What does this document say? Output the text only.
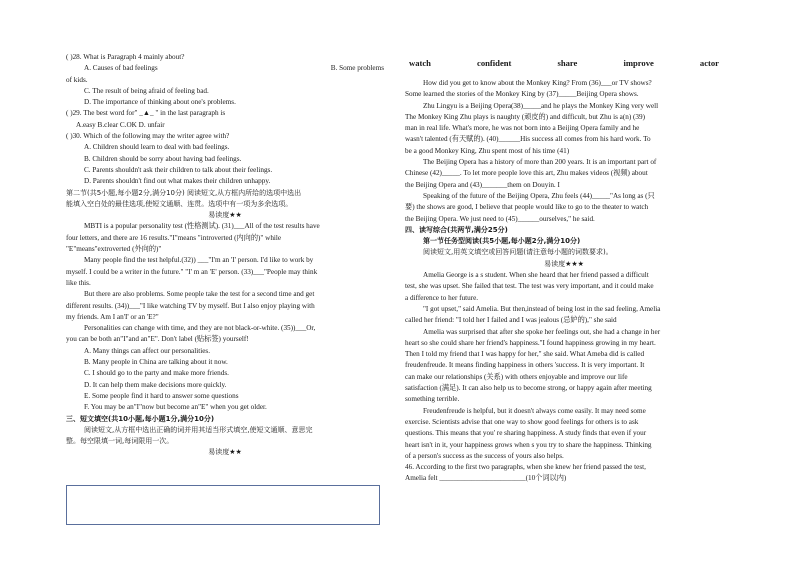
( )28. What is Paragraph 4 mainly about?
B. Some problems
A. Causes of bad feelings
of kids.
C. The result of being afraid of feeling bad.
D. The importance of thinking about one's problems.
( )29. The best word for" _▲_ " in the last paragraph is
A.easy B.clear C.OK D. unfair
( )30. Which of the following may the writer agree with?
A. Children should learn to deal with bad feelings.
B. Children should be sorry about having bad feelings.
C. Parents shouldn't ask their children to talk about their feelings.
D. Parents shouldn't find out what makes their children unhappy.
第二节(共5小题,每小题2分,满分10分) 阅读短文,从方框内所给的选项中选出
能填入空白处的最佳选项,使短文通顺、连贯。选项中有一项为多余选项。
易读度★★
MBTI is a popular personality test (性格测试). (31)___All of the test results have
four letters, and there are 16 results."I"means "introverted (内向的)" while
"E"means"extroverted (外向的)"
Many people find the test helpful.(32)) ___"I'm an 'I' person. I'd like to work by
myself. I could be a writer in the future." "I' m an 'E' person. (33)___"People may think
like this.
But there are also problems. Some people take the test for a second time and get
different results. (34))___"I like watching TV by myself. But I also enjoy playing with
my friends. Am I an'I' or an 'E?"
Personalities can change with time, and they are not black-or-white. (35))___Or,
you can be both an"I"and an"E". Don't label (贴标签) yourself!
A. Many things can affect our personalities.
B. Many people in China are talking about it now.
C. I should go to the party and make more friends.
D. It can help them make decisions more quickly.
E. Some people find it hard to answer some questions
F. You may be an"I"now but become an"E" when you get older.
三、短文填空(共10小题,每小题1分,满分10分)
阅读短文,从方框中选出正确的词并用其适当形式填空,使短文通顺、意思完
整。每空限填一词,每词限用一次。
易读度★★
watch	confident	share	improve	actor
How did you get to know about the Monkey King? From (36)___or TV shows?
Some learned the stories of the Monkey King by (37)_____Beijing Opera shows.
Zhu Lingyu is a Beijing Opera(38)_____and he plays the Monkey King very well
The Monkey King Zhu plays is naughty (顽皮的) and difficult, but Zhu is a(n) (39)
man in real life. What's more, he was not born into a Beijing Opera family and he
wasn't talented (有天赋的). (40)______His success all comes from his hard work. To
be a good Monkey King, Zhu spent most of his time (41)
The Beijing Opera has a history of more than 200 years. It is an important part of
Chinese (42)_____. To let more people love this art, Zhu makes videos (视频) about
the Beijing Opera and (43)_______them on Douyin. I
Speaking of the future of the Beijing Opera, Zhu feels (44)_____"As long as (只
要) the shows are good, I believe that people would like to go to the theater to watch
the Beijing Opera. We just need to (45)______ourselves," he said.
四、读写综合(共两节,满分25分)
第一节任务型阅读(共5小题,每小题2分,满分10分)
阅读短文,用英文填空或回答问题(请注意每小题的词数要求)。
易读度★★★
Amelia George is a s student. When she heard that her friend passed a difficult
test, she was upset. She failed that test. The test was very important, and it could make
a difference to her future.
"I got upset," said Amelia. But then,instead of being lost in the sad feeling, Amelia
called her friend: "I told her I failed and I was jealous (忌妒的)," she said
Amelia was surprised that after she spoke her feelings out, she had a change in her
heart so she could share her friend's happiness."I found happiness growing in my heart.
Then I told my friend that I was happy for her," she said. What Ameba did is called
freudenfreude. It means finding happiness in others 'success. It is very important. It
can make our relationships (关系) with others enjoyable and improve our life
satisfaction (满足). It can also help us to become strong, or happy again after meeting
something terrible.
Freudenfreude is helpful, but it doesn't always come easily. It may need some
exercise. Scientists advise that one way to show good feelings for others is to ask
questions. This means that you' re sharing happiness. A study finds that even if your
heart isn't in it, your happiness grows when s you try to share the happiness. Thinking
of a person's success as the success of yours also helps.
46. According to the first two paragraphs, when she knew her friend passed the test,
Amelia felt ________________________(10个词以内)
